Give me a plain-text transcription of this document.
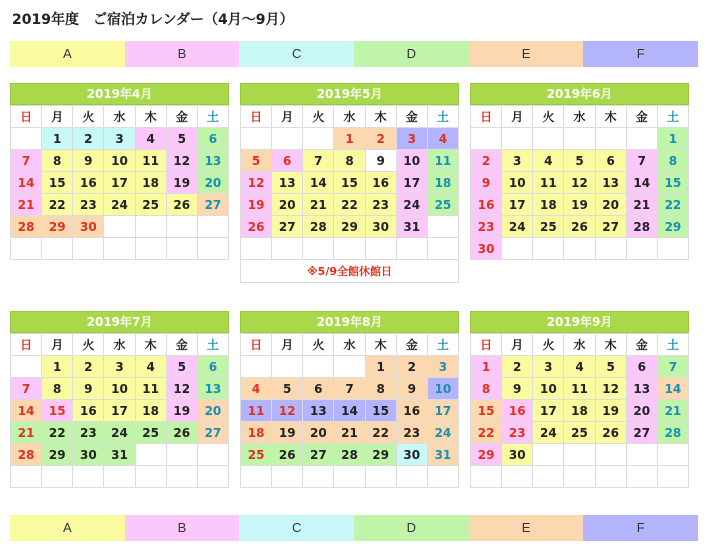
2019年度　ご宿泊カレンダー（4月～9月）
A	B	C	D	E	F
2019年4月
日	月	火	水	木	金	土
	1	2	3	4	5	6
7	8	9	10	11	12	13
14	15	16	17	18	19	20
21	22	23	24	25	26	27
28	29	30				

2019年5月
日	月	火	水	木	金	土
			1	2	3	4
5	6	7	8	9	10	11
12	13	14	15	16	17	18
19	20	21	22	23	24	25
26	27	28	29	30	31	

※5/9全館休館日
2019年6月
日	月	火	水	木	金	土
						1
2	3	4	5	6	7	8
9	10	11	12	13	14	15
16	17	18	19	20	21	22
23	24	25	26	27	28	29
30						
2019年7月
日	月	火	水	木	金	土
	1	2	3	4	5	6
7	8	9	10	11	12	13
14	15	16	17	18	19	20
21	22	23	24	25	26	27
28	29	30	31			

2019年8月
日	月	火	水	木	金	土
				1	2	3
4	5	6	7	8	9	10
11	12	13	14	15	16	17
18	19	20	21	22	23	24
25	26	27	28	29	30	31

2019年9月
日	月	火	水	木	金	土
1	2	3	4	5	6	7
8	9	10	11	12	13	14
15	16	17	18	19	20	21
22	23	24	25	26	27	28
29	30					

A	B	C	D	E	F
